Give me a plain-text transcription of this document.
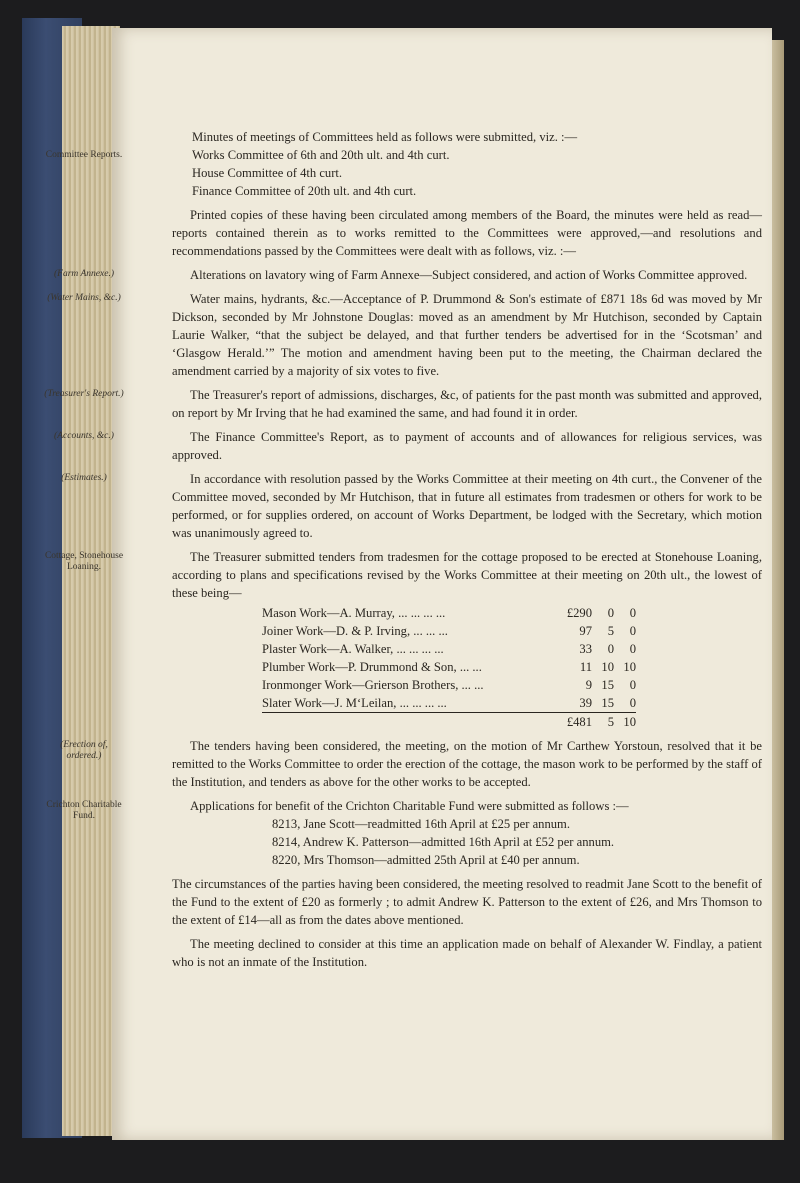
Minutes of meetings of Committees held as follows were submitted, viz. :—

Committee Reports.	Works Committee of 6th and 20th ult. and 4th curt.

House Committee of 4th curt.

Finance Committee of 20th ult. and 4th curt.

Printed copies of these having been circulated among members of the Board, the minutes were held as read—reports contained therein as to works remitted to the Committees were approved,—and resolutions and recommendations passed by the Committees were dealt with as follows, viz. :—

(Farm Annexe.)	Alterations on lavatory wing of Farm Annexe—Subject considered, and action of Works Committee approved.

(Water Mains, &c.)	Water mains, hydrants, &c.—Acceptance of P. Drummond & Son's estimate of £871 18s 6d was moved by Mr Dickson, seconded by Mr Johnstone Douglas: moved as an amendment by Mr Hutchison, seconded by Captain Laurie Walker, “that the subject be delayed, and that further tenders be advertised for in the ‘Scotsman’ and ‘Glasgow Herald.’” The motion and amendment having been put to the meeting, the Chairman declared the amendment carried by a majority of six votes to five.

(Treasurer's Report.)	The Treasurer's report of admissions, discharges, &c, of patients for the past month was submitted and approved, on report by Mr Irving that he had examined the same, and had found it in order.

(Accounts, &c.)	The Finance Committee's Report, as to payment of accounts and of allowances for religious services, was approved.

(Estimates.)	In accordance with resolution passed by the Works Committee at their meeting on 4th curt., the Convener of the Committee moved, seconded by Mr Hutchison, that in future all estimates from tradesmen or others for work to be performed, or for supplies ordered, on account of Works Department, be lodged with the Secretary, which motion was unanimously agreed to.

Cottage, Stonehouse Loaning.

The Treasurer submitted tenders from tradesmen for the cottage proposed to be erected at Stonehouse Loaning, according to plans and specifications revised by the Works Committee at their meeting on 20th ult., the lowest of these being—

Mason Work—A. Murray, ... ... ... ...	£290	0	0
Joiner Work—D. & P. Irving, ... ... ...	97	5	0
Plaster Work—A. Walker, ... ... ... ...	33	0	0
Plumber Work—P. Drummond & Son, ... ...	11	10	10
Ironmonger Work—Grierson Brothers, ... ...	9	15	0
Slater Work—J. M‘Leilan, ... ... ... ...	39	15	0
	£481	5	10
(Erection of, ordered.)

The tenders having been considered, the meeting, on the motion of Mr Carthew Yorstoun, resolved that it be remitted to the Works Committee to order the erection of the cottage, the mason work to be performed by the staff of the Institution, and tenders as above for the other works to be accepted.

Crichton Charitable Fund.

Applications for benefit of the Crichton Charitable Fund were submitted as follows :—

8213, Jane Scott—readmitted 16th April at £25 per annum.

8214, Andrew K. Patterson—admitted 16th April at £52 per annum.

8220, Mrs Thomson—admitted 25th April at £40 per annum.

The circumstances of the parties having been considered, the meeting resolved to readmit Jane Scott to the benefit of the Fund to the extent of £20 as formerly ; to admit Andrew K. Patterson to the extent of £26, and Mrs Thomson to the extent of £14—all as from the dates above mentioned.

The meeting declined to consider at this time an application made on behalf of Alexander W. Findlay, a patient who is not an inmate of the Institution.
